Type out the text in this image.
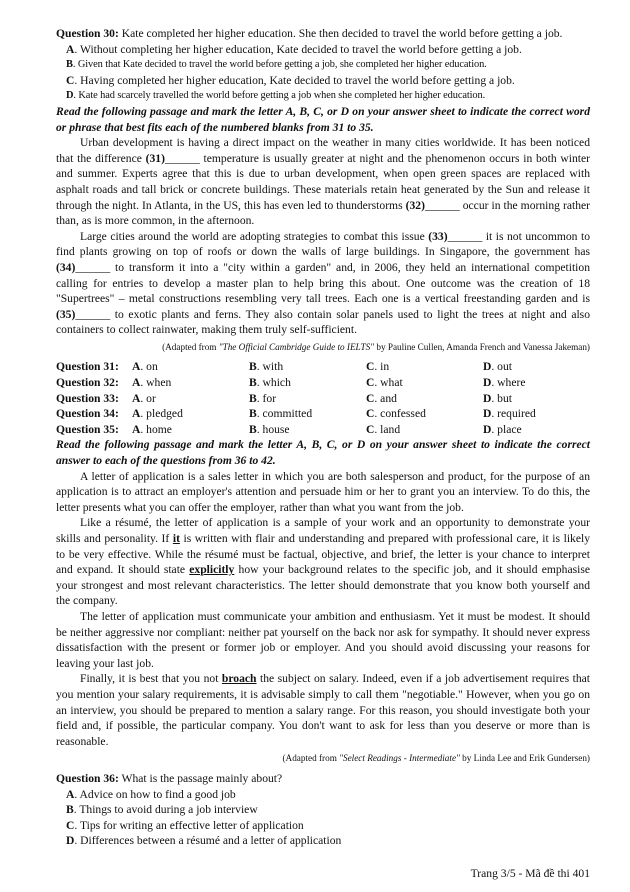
Question 30: Kate completed her higher education. She then decided to travel the world before getting a job.
A. Without completing her higher education, Kate decided to travel the world before getting a job.
B. Given that Kate decided to travel the world before getting a job, she completed her higher education.
C. Having completed her higher education, Kate decided to travel the world before getting a job.
D. Kate had scarcely travelled the world before getting a job when she completed her higher education.
Read the following passage and mark the letter A, B, C, or D on your answer sheet to indicate the correct word or phrase that best fits each of the numbered blanks from 31 to 35.
Urban development is having a direct impact on the weather in many cities worldwide. It has been noticed that the difference (31)______ temperature is usually greater at night and the phenomenon occurs in both winter and summer. Experts agree that this is due to urban development, when open green spaces are replaced with asphalt roads and tall brick or concrete buildings. These materials retain heat generated by the Sun and release it through the night. In Atlanta, in the US, this has even led to thunderstorms (32)______ occur in the morning rather than, as is more common, in the afternoon.
Large cities around the world are adopting strategies to combat this issue (33)______ it is not uncommon to find plants growing on top of roofs or down the walls of large buildings. In Singapore, the government has (34)______ to transform it into a "city within a garden" and, in 2006, they held an international competition calling for entries to develop a master plan to help bring this about. One outcome was the creation of 18 "Supertrees" – metal constructions resembling very tall trees. Each one is a vertical freestanding garden and is (35)______ to exotic plants and ferns. They also contain solar panels used to light the trees at night and also containers to collect rainwater, making them truly self-sufficient.
(Adapted from "The Official Cambridge Guide to IELTS" by Pauline Cullen, Amanda French and Vanessa Jakeman)
Question 31:	A. on	B. with	C. in	D. out
Question 32:	A. when	B. which	C. what	D. where
Question 33:	A. or	B. for	C. and	D. but
Question 34:	A. pledged	B. committed	C. confessed	D. required
Question 35:	A. home	B. house	C. land	D. place
Read the following passage and mark the letter A, B, C, or D on your answer sheet to indicate the correct answer to each of the questions from 36 to 42.
A letter of application is a sales letter in which you are both salesperson and product, for the purpose of an application is to attract an employer's attention and persuade him or her to grant you an interview. To do this, the letter presents what you can offer the employer, rather than what you want from the job.
Like a résumé, the letter of application is a sample of your work and an opportunity to demonstrate your skills and personality. If it is written with flair and understanding and prepared with professional care, it is likely to be very effective. While the résumé must be factual, objective, and brief, the letter is your chance to interpret and expand. It should state explicitly how your background relates to the specific job, and it should emphasise your strongest and most relevant characteristics. The letter should demonstrate that you know both yourself and the company.
The letter of application must communicate your ambition and enthusiasm. Yet it must be modest. It should be neither aggressive nor compliant: neither pat yourself on the back nor ask for sympathy. It should never express dissatisfaction with the present or former job or employer. And you should avoid discussing your reasons for leaving your last job.
Finally, it is best that you not broach the subject on salary. Indeed, even if a job advertisement requires that you mention your salary requirements, it is advisable simply to call them "negotiable." However, when you go on an interview, you should be prepared to mention a salary range. For this reason, you should investigate both your field and, if possible, the particular company. You don't want to ask for less than you deserve or more than is reasonable.
(Adapted from "Select Readings - Intermediate" by Linda Lee and Erik Gundersen)
Question 36: What is the passage mainly about?
A. Advice on how to find a good job
B. Things to avoid during a job interview
C. Tips for writing an effective letter of application
D. Differences between a résumé and a letter of application
Trang 3/5 - Mã đề thi 401
